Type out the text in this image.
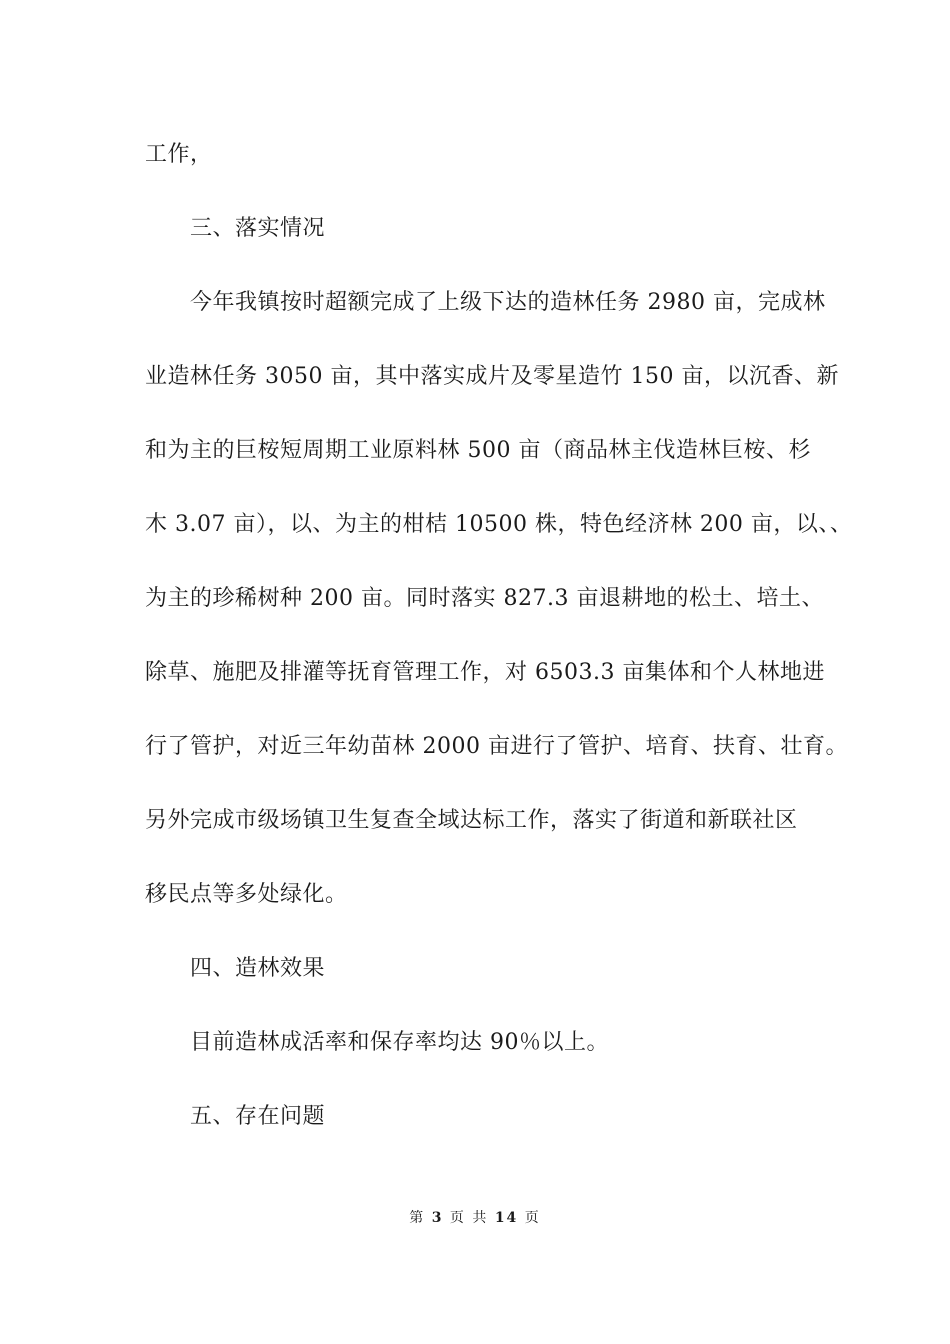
工作，
三、落实情况
今年我镇按时超额完成了上级下达的造林任务 2980 亩，完成林
业造林任务 3050 亩，其中落实成片及零星造竹 150 亩，以沉香、新
和为主的巨桉短周期工业原料林 500 亩（商品林主伐造林巨桉、杉
木 3.07 亩），以、为主的柑桔 10500 株，特色经济林 200 亩，以、、
为主的珍稀树种 200 亩。同时落实 827.3 亩退耕地的松土、培土、
除草、施肥及排灌等抚育管理工作，对 6503.3 亩集体和个人林地进
行了管护，对近三年幼苗林 2000 亩进行了管护、培育、扶育、壮育。
另外完成市级场镇卫生复查全域达标工作，落实了街道和新联社区
移民点等多处绿化。
四、造林效果
目前造林成活率和保存率均达 90％以上。
五、存在问题
第 3 页 共 14 页
